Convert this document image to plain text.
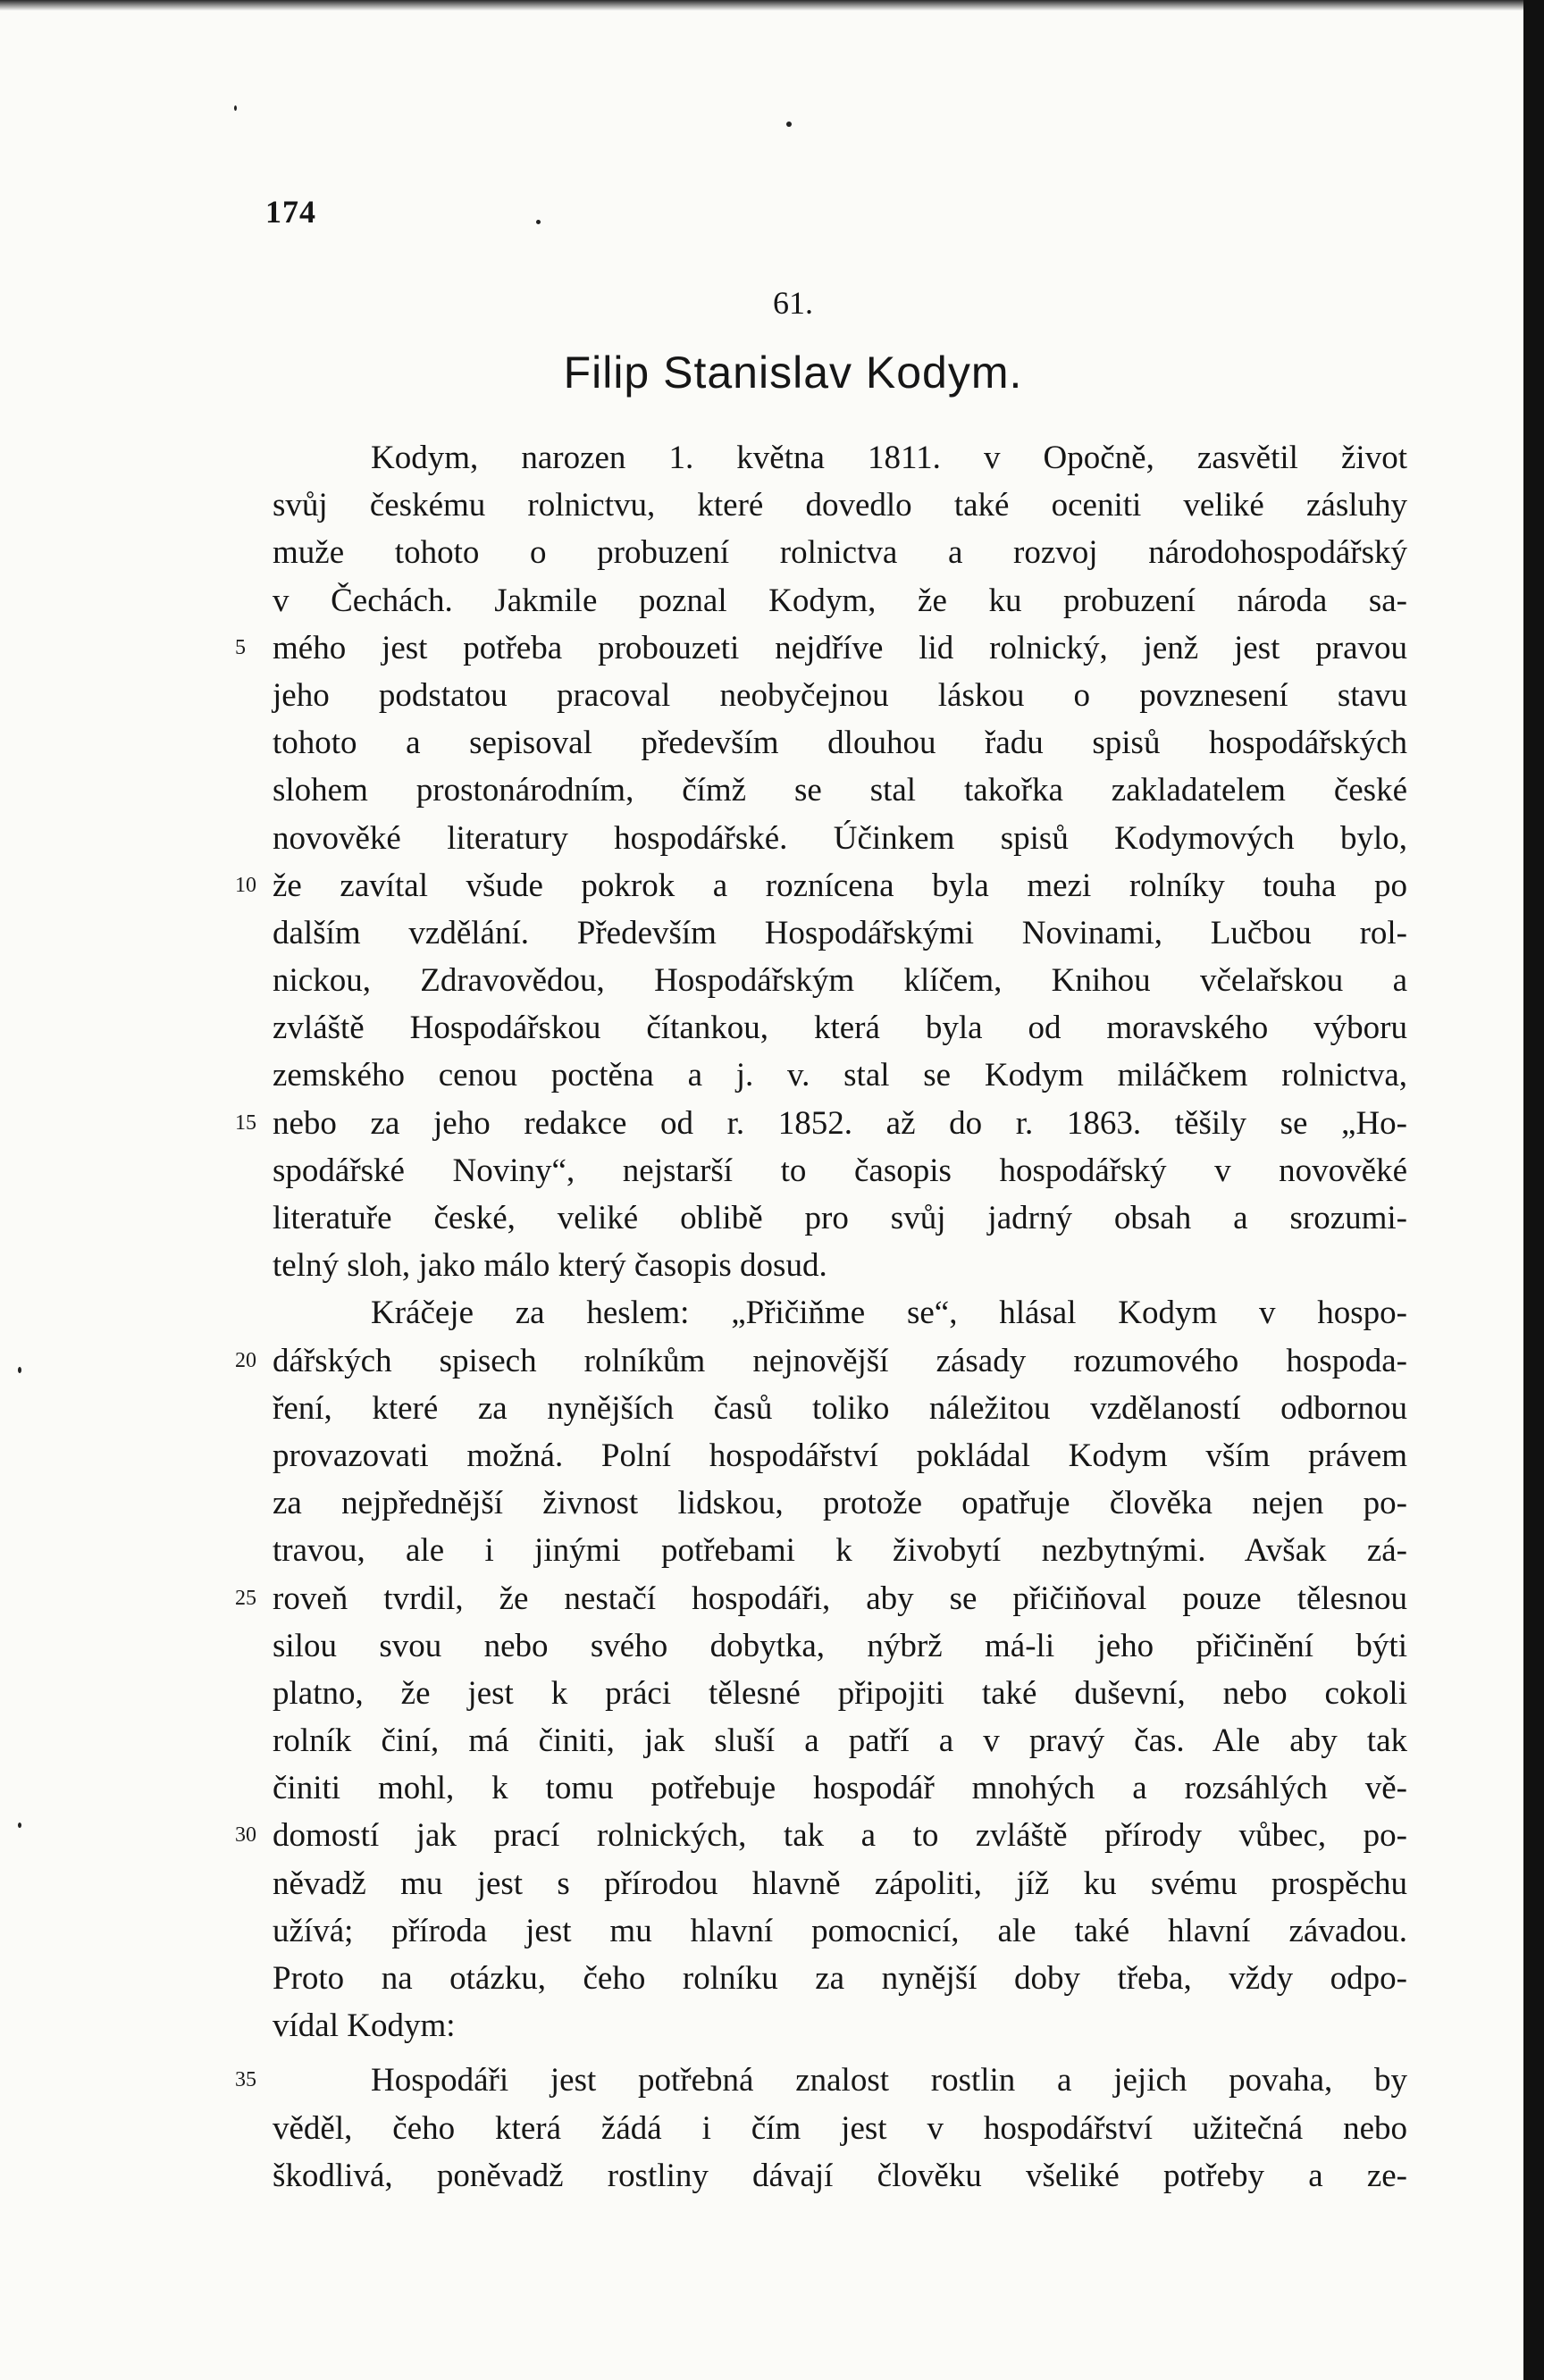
174
61.
Filip Stanislav Kodym.
Kodym, narozen 1. května 1811. v Opočně, zasvětil život
svůj českému rolnictvu, které dovedlo také oceniti veliké zásluhy
muže tohoto o probuzení rolnictva a rozvoj národohospodářský
v Čechách. Jakmile poznal Kodym, že ku probuzení národa sa-
mého jest potřeba probouzeti nejdříve lid rolnický, jenž jest pravou
5
jeho podstatou pracoval neobyčejnou láskou o povznesení stavu
tohoto a sepisoval především dlouhou řadu spisů hospodářských
slohem prostonárodním, čímž se stal takořka zakladatelem české
novověké literatury hospodářské. Účinkem spisů Kodymových bylo,
že zavítal všude pokrok a roznícena byla mezi rolníky touha po
10
dalším vzdělání. Především Hospodářskými Novinami, Lučbou rol-
nickou, Zdravovědou, Hospodářským klíčem, Knihou včelařskou a
zvláště Hospodářskou čítankou, která byla od moravského výboru
zemského cenou poctěna a j. v. stal se Kodym miláčkem rolnictva,
nebo za jeho redakce od r. 1852. až do r. 1863. těšily se „Ho-
15
spodářské Noviny“, nejstarší to časopis hospodářský v novověké
literatuře české, veliké oblibě pro svůj jadrný obsah a srozumi-
telný sloh, jako málo který časopis dosud.
Kráčeje za heslem: „Přičiňme se“, hlásal Kodym v hospo-
dářských spisech rolníkům nejnovější zásady rozumového hospoda-
20
ření, které za nynějších časů toliko náležitou vzdělaností odbornou
provazovati možná. Polní hospodářství pokládal Kodym vším právem
za nejpřednější živnost lidskou, protože opatřuje člověka nejen po-
travou, ale i jinými potřebami k živobytí nezbytnými. Avšak zá-
roveň tvrdil, že nestačí hospodáři, aby se přičiňoval pouze tělesnou
25
silou svou nebo svého dobytka, nýbrž má-li jeho přičinění býti
platno, že jest k práci tělesné připojiti také duševní, nebo cokoli
rolník činí, má činiti, jak sluší a patří a v pravý čas. Ale aby tak
činiti mohl, k tomu potřebuje hospodář mnohých a rozsáhlých vě-
domostí jak prací rolnických, tak a to zvláště přírody vůbec, po-
30
něvadž mu jest s přírodou hlavně zápoliti, jíž ku svému prospěchu
užívá; příroda jest mu hlavní pomocnicí, ale také hlavní závadou.
Proto na otázku, čeho rolníku za nynější doby třeba, vždy odpo-
vídal Kodym:
Hospodáři jest potřebná znalost rostlin a jejich povaha, by
35
věděl, čeho která žádá i čím jest v hospodářství užitečná nebo
škodlivá, poněvadž rostliny dávají člověku všeliké potřeby a ze-
